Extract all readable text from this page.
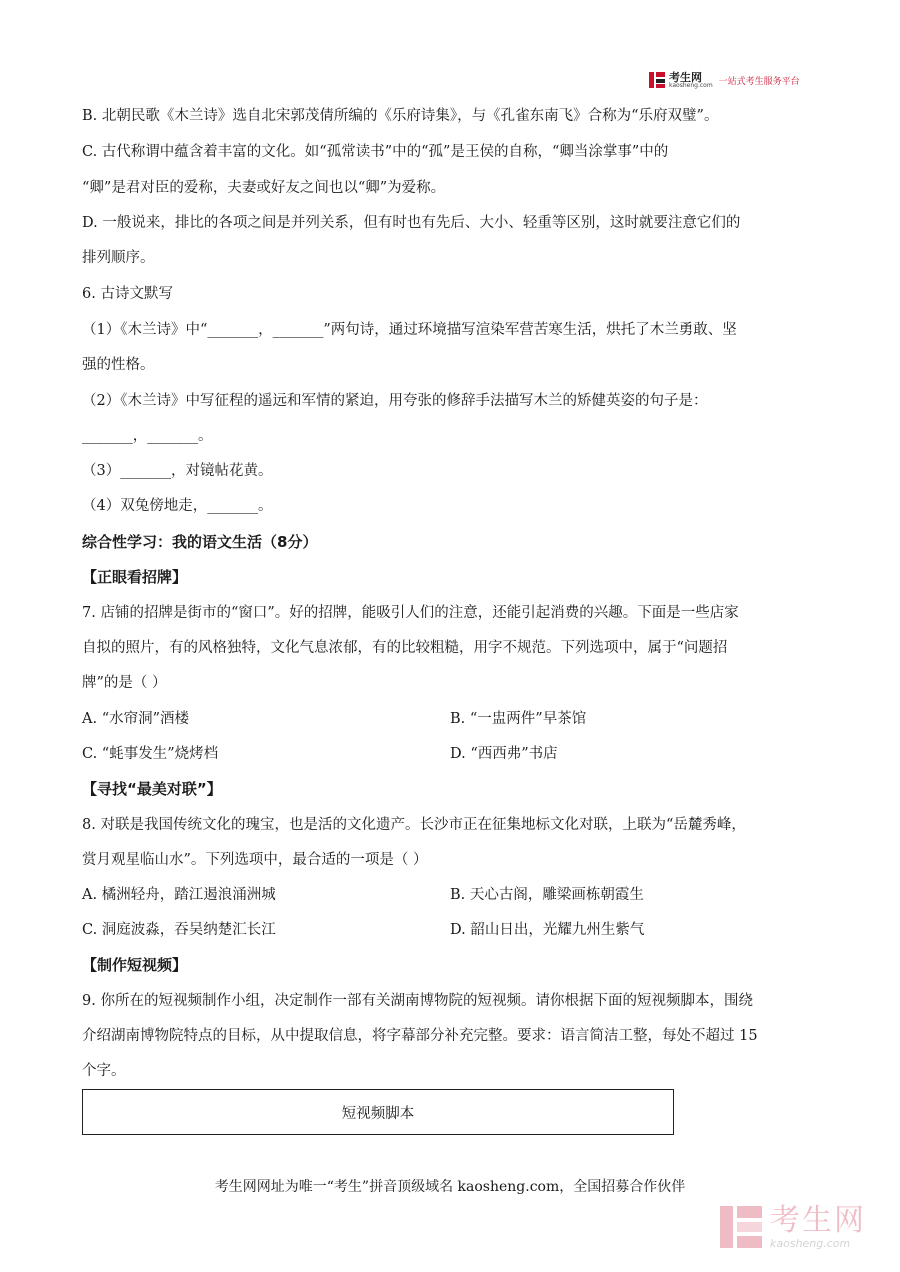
考生网
kaosheng.com 一站式考生服务平台
B. 北朝民歌《木兰诗》选自北宋郭茂倩所编的《乐府诗集》，与《孔雀东南飞》合称为“乐府双璧”。
C. 古代称谓中蕴含着丰富的文化。如“孤常读书”中的“孤”是王侯的自称，“卿当涂掌事”中的
“卿”是君对臣的爱称，夫妻或好友之间也以“卿”为爱称。
D. 一般说来，排比的各项之间是并列关系，但有时也有先后、大小、轻重等区别，这时就要注意它们的
排列顺序。
6. 古诗文默写
（1）《木兰诗》中“_______，_______”两句诗，通过环境描写渲染军营苦寒生活，烘托了木兰勇敢、坚
强的性格。
（2）《木兰诗》中写征程的遥远和军情的紧迫，用夸张的修辞手法描写木兰的矫健英姿的句子是：
_______，_______。
（3）_______，对镜帖花黄。
（4）双兔傍地走，_______。
综合性学习：我的语文生活（8分）
【正眼看招牌】
7. 店铺的招牌是街市的“窗口”。好的招牌，能吸引人们的注意，还能引起消费的兴趣。下面是一些店家
自拟的照片，有的风格独特，文化气息浓郁，有的比较粗糙，用字不规范。下列选项中，属于“问题招
牌”的是（ ）
A. “水帘洞”酒楼	B. “一盅两件”早茶馆
C. “蚝事发生”烧烤档	D. “西西弗”书店
【寻找“最美对联”】
8. 对联是我国传统文化的瑰宝，也是活的文化遗产。长沙市正在征集地标文化对联，上联为“岳麓秀峰，
赏月观星临山水”。下列选项中，最合适的一项是（ ）
A. 橘洲轻舟，踏江遏浪涌洲城	B. 天心古阁，雕梁画栋朝霞生
C. 洞庭波淼，吞吴纳楚汇长江	D. 韶山日出，光耀九州生紫气
【制作短视频】
9. 你所在的短视频制作小组，决定制作一部有关湖南博物院的短视频。请你根据下面的短视频脚本，围绕
介绍湖南博物院特点的目标，从中提取信息，将字幕部分补充完整。要求：语言简洁工整，每处不超过 15
个字。
短视频脚本
考生网网址为唯一“考生”拼音顶级域名 kaosheng.com，全国招募合作伙伴
考生网
kaosheng.com
